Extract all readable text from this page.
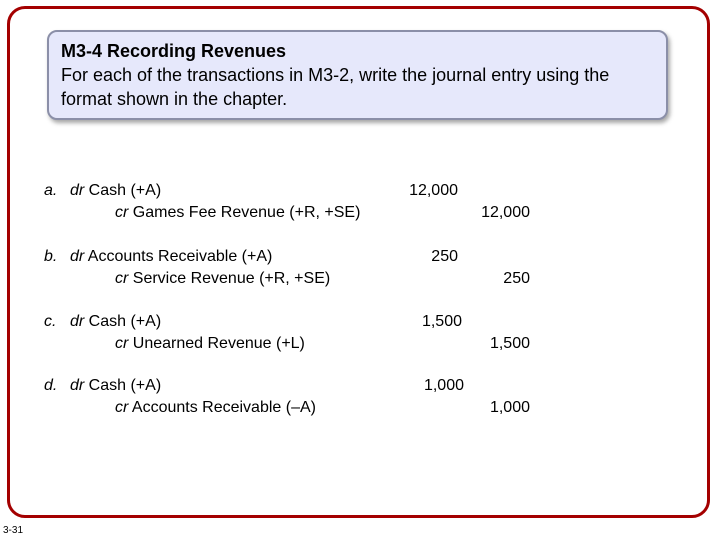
M3-4 Recording Revenues
For each of the transactions in M3-2, write the journal entry using the format shown in the chapter.
a. dr Cash (+A)
cr Games Fee Revenue (+R, +SE)
12,000
12,000
b. dr Accounts Receivable (+A)
cr Service Revenue (+R, +SE)
250
250
c. dr Cash (+A)
cr Unearned Revenue (+L)
1,500
1,500
d. dr Cash (+A)
cr Accounts Receivable (–A)
1,000
1,000
3-31
